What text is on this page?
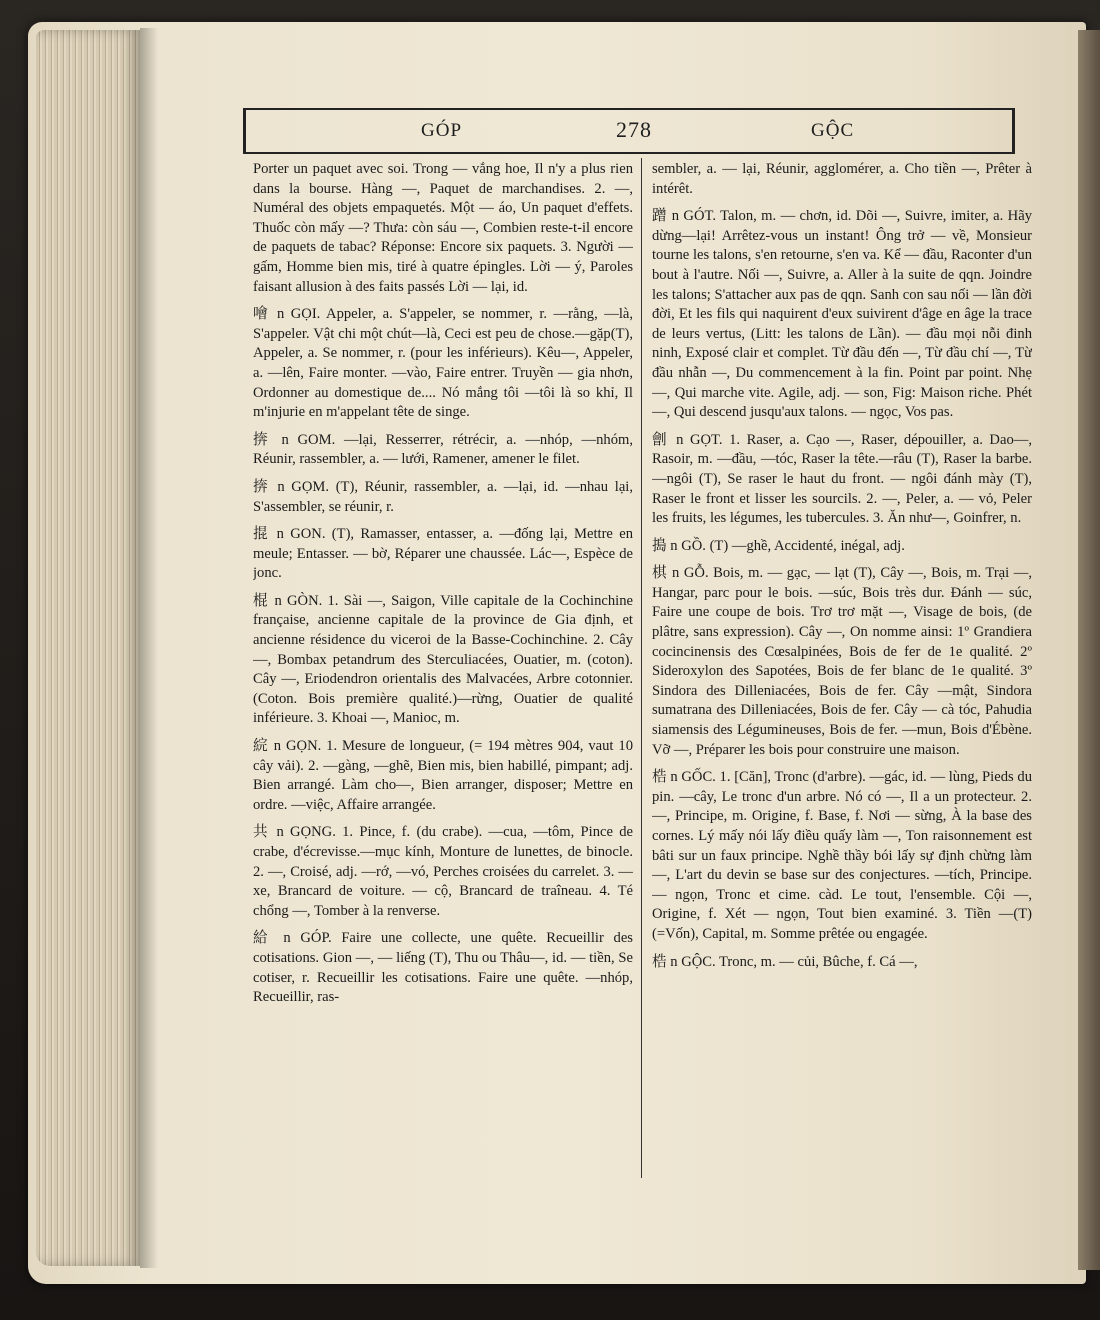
GÓP	278	GỘC

Porter un paquet avec soi. Trong — vắng hoe, Il n'y a plus rien dans la bourse. Hàng —, Paquet de marchandises. 2. —, Numéral des objets empaquetés. Một — áo, Un paquet d'effets. Thuốc còn mấy —? Thưa: còn sáu —, Combien reste-t-il encore de paquets de tabac? Réponse: Encore six paquets. 3. Người — gấm, Homme bien mis, tiré à quatre épingles. Lời — ý, Paroles faisant allusion à des faits passés Lời — lại, id.

噲 n GỌI. Appeler, a. S'appeler, se nommer, r. —rằng, —là, S'appeler. Vật chi một chút—là, Ceci est peu de chose.—gặp(T), Appeler, a. Se nommer, r. (pour les inférieurs). Kêu—, Appeler, a. —lên, Faire monter. —vào, Faire entrer. Truyền — gia nhơn, Ordonner au domestique de.... Nó mắng tôi —tôi là so khỉ, Il m'injurie en m'appelant tête de singe.

捹 n GOM. —lại, Resserrer, rétrécir, a. —nhóp, —nhóm, Réunir, rassembler, a. — lưới, Ramener, amener le filet.

捹 n GỌM. (T), Réunir, rassembler, a. —lại, id. —nhau lại, S'assembler, se réunir, r.

掍 n GON. (T), Ramasser, entasser, a. —đống lại, Mettre en meule; Entasser. — bờ, Réparer une chaussée. Lác—, Espèce de jonc.

棍 n GÒN. 1. Sài —, Saigon, Ville capitale de la Cochinchine française, ancienne capitale de la province de Gia định, et ancienne résidence du viceroi de la Basse-Cochinchine. 2. Cây—, Bombax petandrum des Sterculiacées, Ouatier, m. (coton). Cây —, Eriodendron orientalis des Malvacées, Arbre cotonnier. (Coton. Bois première qualité.)—rừng, Ouatier de qualité inférieure. 3. Khoai —, Manioc, m.

綄 n GỌN. 1. Mesure de longueur, (= 194 mètres 904, vaut 10 cây vải). 2. —gàng, —ghẽ, Bien mis, bien habillé, pimpant; adj. Bien arrangé. Làm cho—, Bien arranger, disposer; Mettre en ordre. —việc, Affaire arrangée.

共 n GỌNG. 1. Pince, f. (du crabe). —cua, —tôm, Pince de crabe, d'écrevisse.—mục kính, Monture de lunettes, de binocle. 2. —, Croisé, adj. —rớ, —vó, Perches croisées du carrelet. 3. — xe, Brancard de voiture. — cộ, Brancard de traîneau. 4. Té chổng —, Tomber à la renverse.

給 n GÓP. Faire une collecte, une quête. Recueillir des cotisations. Gion —, — liếng (T), Thu ou Thâu—, id. — tiền, Se cotiser, r. Recueillir les cotisations. Faire une quête. —nhóp, Recueillir, ras-

sembler, a. — lại, Réunir, agglomérer, a. Cho tiền —, Prêter à intérêt.

蹭 n GÓT. Talon, m. — chơn, id. Dõi —, Suivre, imiter, a. Hãy dừng—lại! Arrêtez-vous un instant! Ông trở — về, Monsieur tourne les talons, s'en retourne, s'en va. Kể — đầu, Raconter d'un bout à l'autre. Nối —, Suivre, a. Aller à la suite de qqn. Joindre les talons; S'attacher aux pas de qqn. Sanh con sau nối — lần đời đời, Et les fils qui naquirent d'eux suivirent d'âge en âge la trace de leurs vertus, (Litt: les talons de Lần). — đầu mọi nỗi đinh ninh, Exposé clair et complet. Từ đầu đến —, Từ đầu chí —, Từ đầu nhẫn —, Du commencement à la fin. Point par point. Nhẹ—, Qui marche vite. Agile, adj. — son, Fig: Maison riche. Phét —, Qui descend jusqu'aux talons. — ngọc, Vos pas.

劊 n GỌT. 1. Raser, a. Cạo —, Raser, dépouiller, a. Dao—, Rasoir, m. —đầu, —tóc, Raser la tête.—râu (T), Raser la barbe. —ngôi (T), Se raser le haut du front. — ngôi đánh mày (T), Raser le front et lisser les sourcils. 2. —, Peler, a. — vỏ, Peler les fruits, les légumes, les tubercules. 3. Ăn như—, Goinfrer, n.

搗 n GỒ. (T) —ghề, Accidenté, inégal, adj.

棋 n GỖ. Bois, m. — gạc, — lạt (T), Cây —, Bois, m. Trại —, Hangar, parc pour le bois. —súc, Bois très dur. Đánh — súc, Faire une coupe de bois. Trơ trơ mặt —, Visage de bois, (de plâtre, sans expression). Cây —, On nomme ainsi: 1º Grandiera cocincinensis des Cœsalpinées, Bois de fer de 1e qualité. 2º Sideroxylon des Sapotées, Bois de fer blanc de 1e qualité. 3º Sindora des Dilleniacées, Bois de fer. Cây —mật, Sindora sumatrana des Dilleniacées, Bois de fer. Cây — cà tóc, Pahudia siamensis des Légumineuses, Bois de fer. —mun, Bois d'Ébène. Vỡ —, Préparer les bois pour construire une maison.

梏 n GỐC. 1. [Căn], Tronc (d'arbre). —gác, id. — lùng, Pieds du pin. —cây, Le tronc d'un arbre. Nó có —, Il a un protecteur. 2. —, Principe, m. Origine, f. Base, f. Nơi — sừng, À la base des cornes. Lý mấy nói lấy điều quấy làm —, Ton raisonnement est bâti sur un faux principe. Nghề thầy bói lấy sự định chừng làm —, L'art du devin se base sur des conjectures. —tích, Principe. — ngọn, Tronc et cime. càd. Le tout, l'ensemble. Cội —, Origine, f. Xét — ngọn, Tout bien examiné. 3. Tiền —(T)(=Vốn), Capital, m. Somme prêtée ou engagée.

梏 n GỘC. Tronc, m. — củi, Bûche, f. Cá —,
